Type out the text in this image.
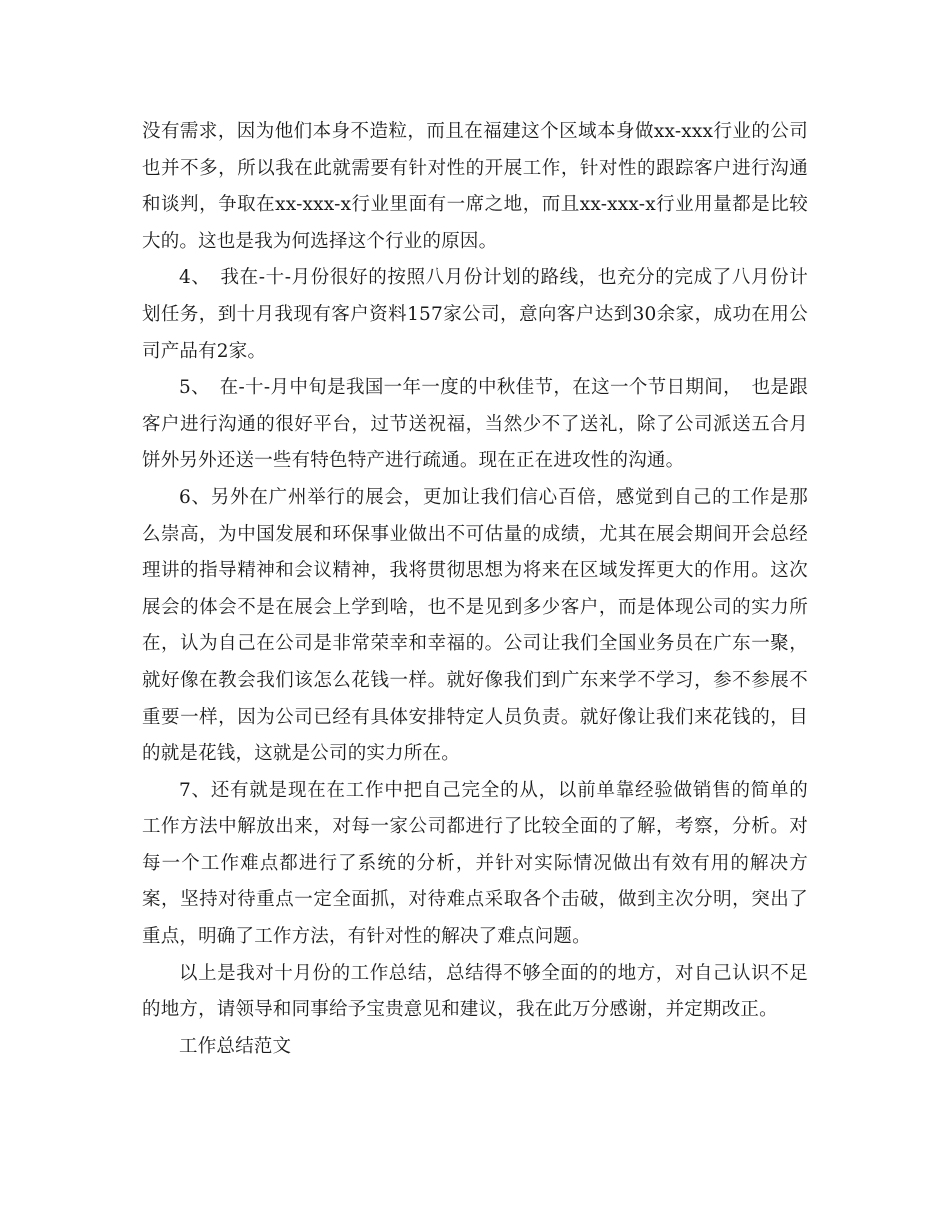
没有需求，因为他们本身不造粒，而且在福建这个区域本身做xx-xxx行业的公司也并不多，所以我在此就需要有针对性的开展工作，针对性的跟踪客户进行沟通和谈判，争取在xx-xxx-x行业里面有一席之地，而且xx-xxx-x行业用量都是比较大的。这也是我为何选择这个行业的原因。

4、　我在-十-月份很好的按照八月份计划的路线，也充分的完成了八月份计划任务，到十月我现有客户资料157家公司，意向客户达到30余家，成功在用公司产品有2家。

5、　在-十-月中旬是我国一年一度的中秋佳节，在这一个节日期间，　也是跟客户进行沟通的很好平台，过节送祝福，当然少不了送礼，除了公司派送五合月饼外另外还送一些有特色特产进行疏通。现在正在进攻性的沟通。

6、另外在广州举行的展会，更加让我们信心百倍，感觉到自己的工作是那么崇高，为中国发展和环保事业做出不可估量的成绩，尤其在展会期间开会总经理讲的指导精神和会议精神，我将贯彻思想为将来在区域发挥更大的作用。这次展会的体会不是在展会上学到啥，也不是见到多少客户，而是体现公司的实力所在，认为自己在公司是非常荣幸和幸福的。公司让我们全国业务员在广东一聚，就好像在教会我们该怎么花钱一样。就好像我们到广东来学不学习，参不参展不重要一样，因为公司已经有具体安排特定人员负责。就好像让我们来花钱的，目的就是花钱，这就是公司的实力所在。

7、还有就是现在在工作中把自己完全的从，以前单靠经验做销售的简单的工作方法中解放出来，对每一家公司都进行了比较全面的了解，考察，分析。对每一个工作难点都进行了系统的分析，并针对实际情况做出有效有用的解决方案，坚持对待重点一定全面抓，对待难点采取各个击破，做到主次分明，突出了重点，明确了工作方法，有针对性的解决了难点问题。

以上是我对十月份的工作总结，总结得不够全面的的地方，对自己认识不足的地方，请领导和同事给予宝贵意见和建议，我在此万分感谢，并定期改正。

工作总结范文
